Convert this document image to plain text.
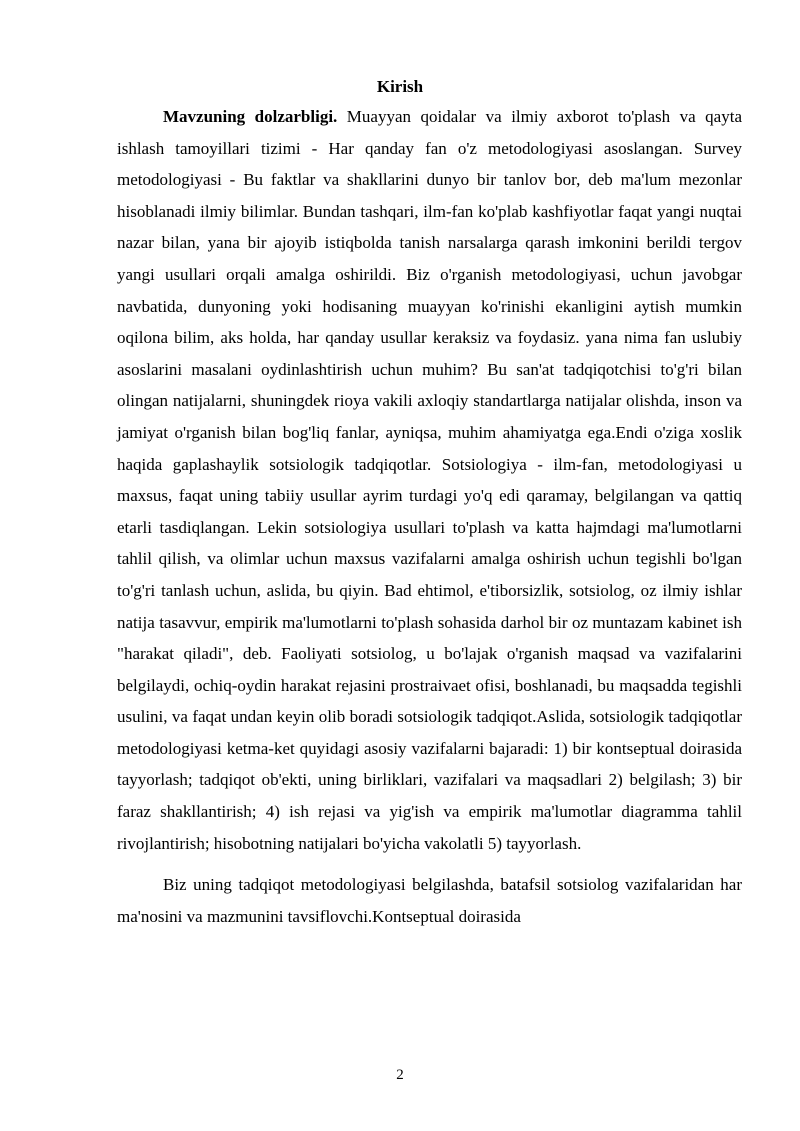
Kirish

Mavzuning dolzarbligi. Muayyan qoidalar va ilmiy axborot to'plash va qayta ishlash tamoyillari tizimi - Har qanday fan o'z metodologiyasi asoslangan. Survey metodologiyasi - Bu faktlar va shakllarini dunyo bir tanlov bor, deb ma'lum mezonlar hisoblanadi ilmiy bilimlar. Bundan tashqari, ilm-fan ko'plab kashfiyotlar faqat yangi nuqtai nazar bilan, yana bir ajoyib istiqbolda tanish narsalarga qarash imkonini berildi tergov yangi usullari orqali amalga oshirildi. Biz o'rganish metodologiyasi, uchun javobgar navbatida, dunyoning yoki hodisaning muayyan ko'rinishi ekanligini aytish mumkin oqilona bilim, aks holda, har qanday usullar keraksiz va foydasiz. yana nima fan uslubiy asoslarini masalani oydinlashtirish uchun muhim? Bu san'at tadqiqotchisi to'g'ri bilan olingan natijalarni, shuningdek rioya vakili axloqiy standartlarga natijalar olishda, inson va jamiyat o'rganish bilan bog'liq fanlar, ayniqsa, muhim ahamiyatga ega.Endi o'ziga xoslik haqida gaplashaylik sotsiologik tadqiqotlar. Sotsiologiya - ilm-fan, metodologiyasi u maxsus, faqat uning tabiiy usullar ayrim turdagi yo'q edi qaramay, belgilangan va qattiq etarli tasdiqlangan. Lekin sotsiologiya usullari to'plash va katta hajmdagi ma'lumotlarni tahlil qilish, va olimlar uchun maxsus vazifalarni amalga oshirish uchun tegishli bo'lgan to'g'ri tanlash uchun, aslida, bu qiyin. Bad ehtimol, e'tiborsizlik, sotsiolog, oz ilmiy ishlar natija tasavvur, empirik ma'lumotlarni to'plash sohasida darhol bir oz muntazam kabinet ish "harakat qiladi", deb. Faoliyati sotsiolog, u bo'lajak o'rganish maqsad va vazifalarini belgilaydi, ochiq-oydin harakat rejasini prostraivaet ofisi, boshlanadi, bu maqsadda tegishli usulini, va faqat undan keyin olib boradi sotsiologik tadqiqot.Aslida, sotsiologik tadqiqotlar metodologiyasi ketma-ket quyidagi asosiy vazifalarni bajaradi: 1) bir kontseptual doirasida tayyorlash; tadqiqot ob'ekti, uning birliklari, vazifalari va maqsadlari 2) belgilash; 3) bir faraz shakllantirish; 4) ish rejasi va yig'ish va empirik ma'lumotlar diagramma tahlil rivojlantirish; hisobotning natijalari bo'yicha vakolatli 5) tayyorlash.

Biz uning tadqiqot metodologiyasi belgilashda, batafsil sotsiolog vazifalaridan har ma'nosini va mazmunini tavsiflovchi.Kontseptual doirasida

2
